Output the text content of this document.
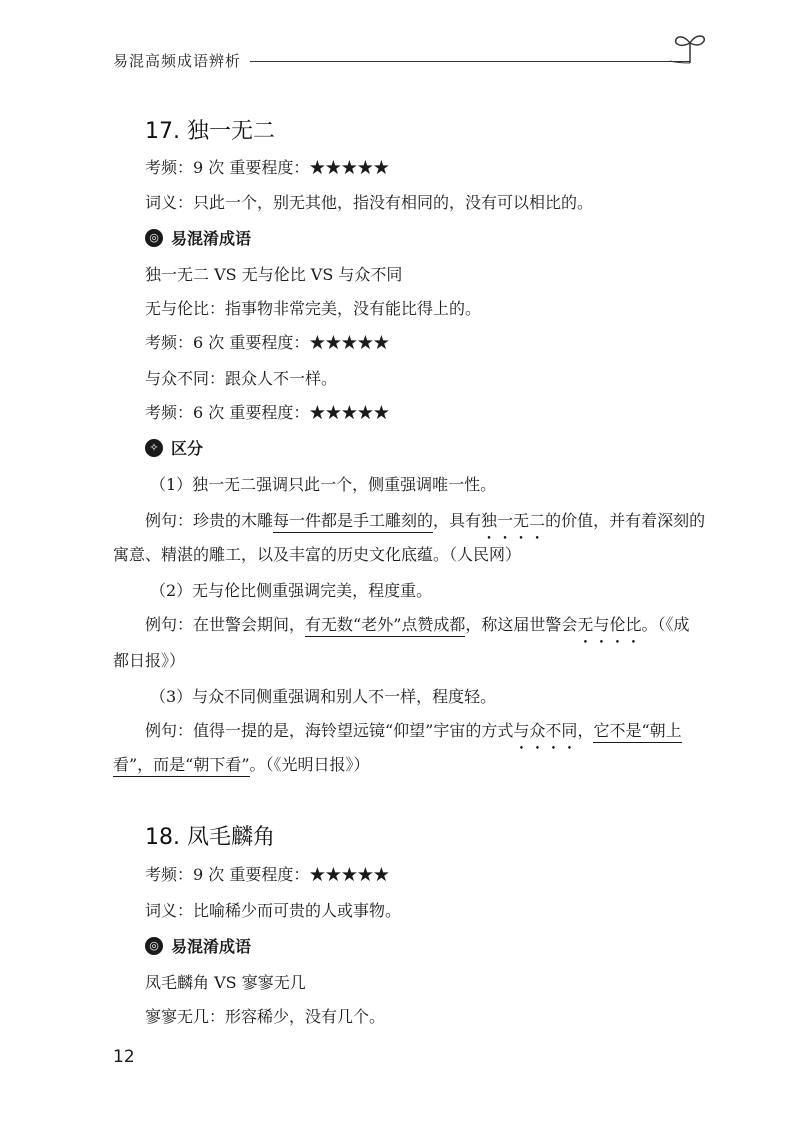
易混高频成语辨析
17. 独一无二
考频：9 次 重要程度：★★★★★
词义：只此一个，别无其他，指没有相同的，没有可以相比的。
◎ 易混淆成语
独一无二 VS 无与伦比 VS 与众不同
无与伦比：指事物非常完美，没有能比得上的。
考频：6 次 重要程度：★★★★★
与众不同：跟众人不一样。
考频：6 次 重要程度：★★★★★
✧ 区分
（1）独一无二强调只此一个，侧重强调唯一性。
例句：珍贵的木雕每一件都是手工雕刻的，具有独一无二的价值，并有着深刻的
寓意、精湛的雕工，以及丰富的历史文化底蕴。（人民网）
（2）无与伦比侧重强调完美，程度重。
例句：在世警会期间，有无数“老外”点赞成都，称这届世警会无与伦比。（《成
都日报》）
（3）与众不同侧重强调和别人不一样，程度轻。
例句：值得一提的是，海铃望远镜“仰望”宇宙的方式与众不同，它不是“朝上
看”，而是“朝下看”。（《光明日报》）
18. 凤毛麟角
考频：9 次 重要程度：★★★★★
词义：比喻稀少而可贵的人或事物。
◎ 易混淆成语
凤毛麟角 VS 寥寥无几
寥寥无几：形容稀少，没有几个。
12
